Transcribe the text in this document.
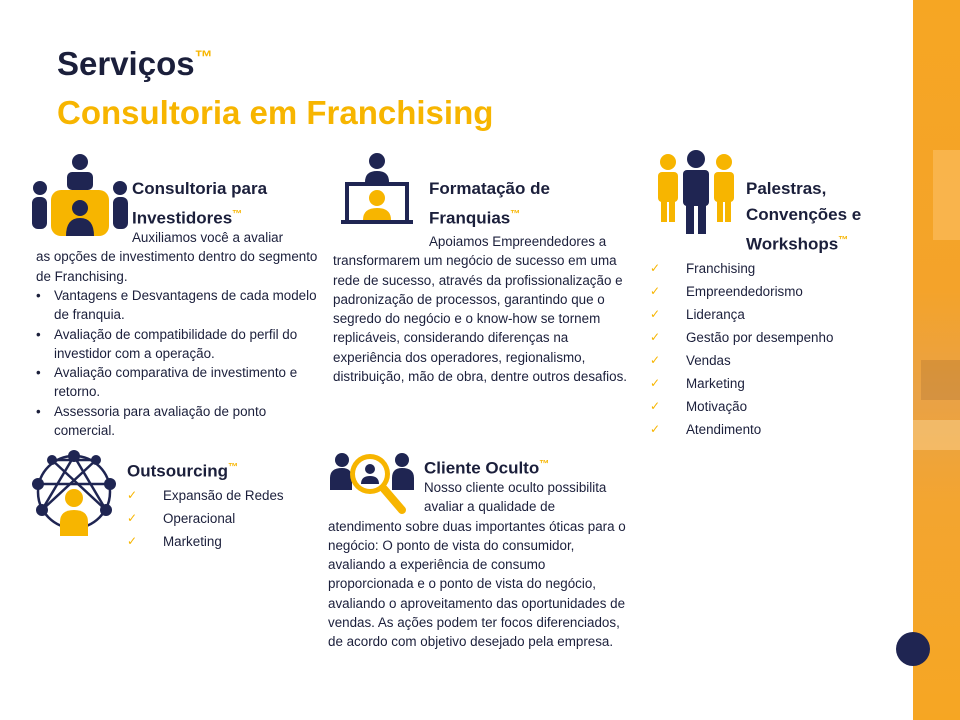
Serviços™
Consultoria em Franchising
Consultoria para
Investidores™
Auxiliamos você a avaliar
as opções de investimento dentro do segmento de Franchising.
• Vantagens e Desvantagens de cada modelo de franquia.
• Avaliação de compatibilidade do perfil do investidor com a operação.
• Avaliação comparativa de investimento e retorno.
• Assessoria para avaliação de ponto comercial.
Formatação de
Franquias™
Apoiamos Empreendedores a
transformarem um negócio de sucesso em uma rede de sucesso, através da profissionalização e padronização de processos, garantindo que o segredo do negócio e o know-how se tornem replicáveis, considerando diferenças na experiência dos operadores, regionalismo, distribuição, mão de obra, dentre outros desafios.
Palestras,
Convenções e
Workshops™
✓ Franchising
✓ Empreendedorismo
✓ Liderança
✓ Gestão por desempenho
✓ Vendas
✓ Marketing
✓ Motivação
✓ Atendimento
Outsourcing™
✓ Expansão de Redes
✓ Operacional
✓ Marketing
Cliente Oculto™
Nosso cliente oculto possibilita
avaliar a qualidade de
atendimento sobre duas importantes óticas para o negócio: O ponto de vista do consumidor, avaliando a experiência de consumo proporcionada e o ponto de vista do negócio, avaliando o aproveitamento das oportunidades de vendas. As ações podem ter focos diferenciados, de acordo com objetivo desejado pela empresa.
